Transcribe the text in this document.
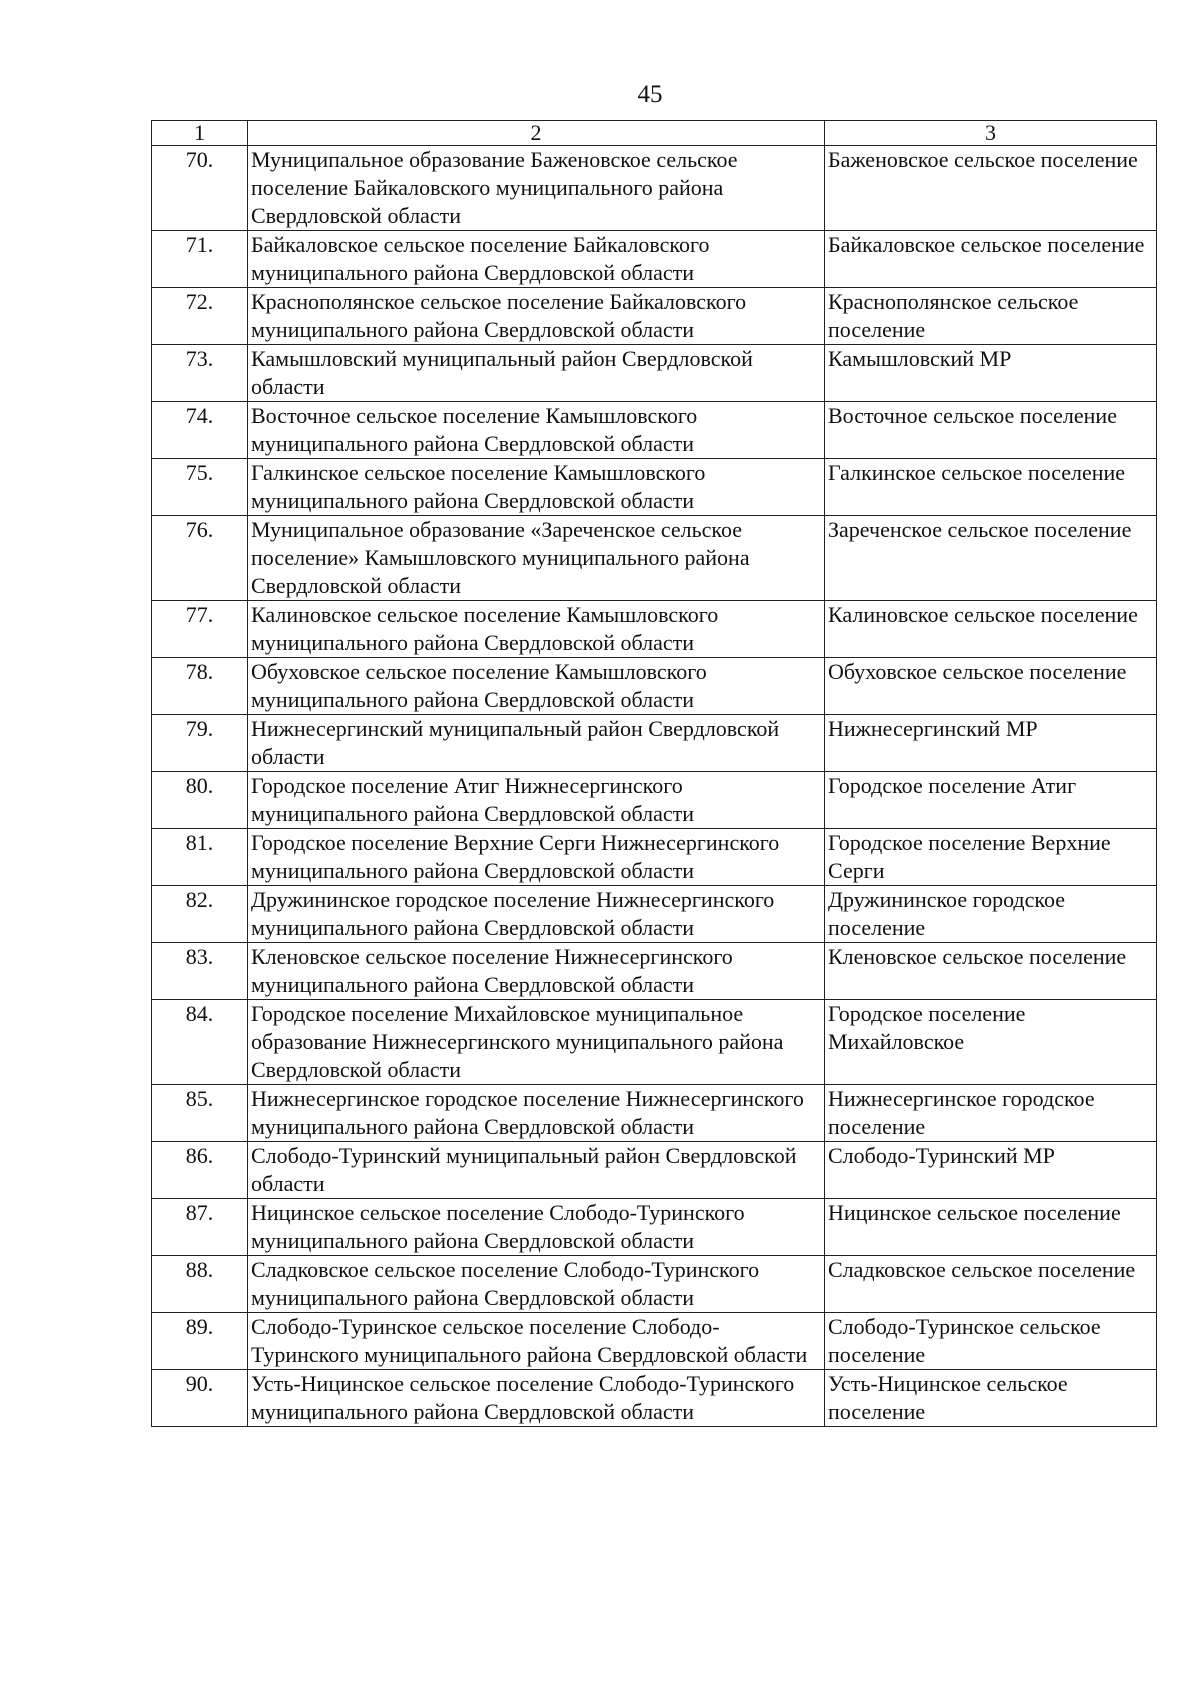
45
1	2	3
70.	Муниципальное образование Баженовское сельское поселение Байкаловского муниципального района Свердловской области	Баженовское сельское поселение
71.	Байкаловское сельское поселение Байкаловского муниципального района Свердловской области	Байкаловское сельское поселение
72.	Краснополянское сельское поселение Байкаловского муниципального района Свердловской области	Краснополянское сельское поселение
73.	Камышловский муниципальный район Свердловской области	Камышловский МР
74.	Восточное сельское поселение Камышловского муниципального района Свердловской области	Восточное сельское поселение
75.	Галкинское сельское поселение Камышловского муниципального района Свердловской области	Галкинское сельское поселение
76.	Муниципальное образование «Зареченское сельское поселение» Камышловского муниципального района Свердловской области	Зареченское сельское поселение
77.	Калиновское сельское поселение Камышловского муниципального района Свердловской области	Калиновское сельское поселение
78.	Обуховское сельское поселение Камышловского муниципального района Свердловской области	Обуховское сельское поселение
79.	Нижнесергинский муниципальный район Свердловской области	Нижнесергинский МР
80.	Городское поселение Атиг Нижнесергинского муниципального района Свердловской области	Городское поселение Атиг
81.	Городское поселение Верхние Серги Нижнесергинского муниципального района Свердловской области	Городское поселение Верхние Серги
82.	Дружининское городское поселение Нижнесергинского муниципального района Свердловской области	Дружининское городское поселение
83.	Кленовское сельское поселение Нижнесергинского муниципального района Свердловской области	Кленовское сельское поселение
84.	Городское поселение Михайловское муниципальное образование Нижнесергинского муниципального района Свердловской области	Городское поселение Михайловское
85.	Нижнесергинское городское поселение Нижнесергинского муниципального района Свердловской области	Нижнесергинское городское поселение
86.	Слободо-Туринский муниципальный район Свердловской области	Слободо-Туринский МР
87.	Ницинское сельское поселение Слободо-Туринского муниципального района Свердловской области	Ницинское сельское поселение
88.	Сладковское сельское поселение Слободо-Туринского муниципального района Свердловской области	Сладковское сельское поселение
89.	Слободо-Туринское сельское поселение Слободо-Туринского муниципального района Свердловской области	Слободо-Туринское сельское поселение
90.	Усть-Ницинское сельское поселение Слободо-Туринского муниципального района Свердловской области	Усть-Ницинское сельское поселение
